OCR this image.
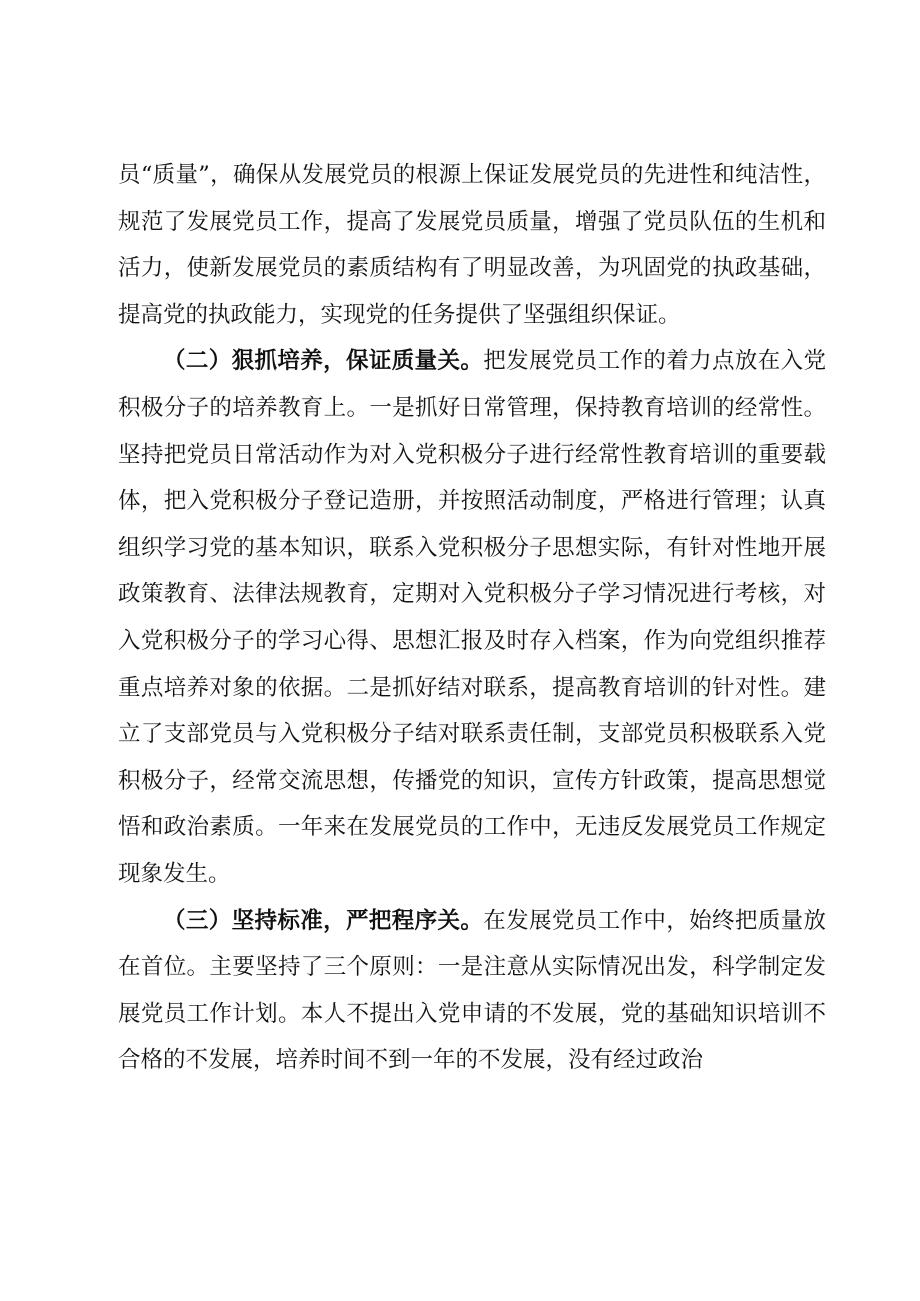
员“质量”，确保从发展党员的根源上保证发展党员的先进性和纯洁性，规范了发展党员工作，提高了发展党员质量，增强了党员队伍的生机和活力，使新发展党员的素质结构有了明显改善，为巩固党的执政基础，提高党的执政能力，实现党的任务提供了坚强组织保证。

（二）狠抓培养，保证质量关。把发展党员工作的着力点放在入党积极分子的培养教育上。一是抓好日常管理，保持教育培训的经常性。坚持把党员日常活动作为对入党积极分子进行经常性教育培训的重要载体，把入党积极分子登记造册，并按照活动制度，严格进行管理；认真组织学习党的基本知识，联系入党积极分子思想实际，有针对性地开展政策教育、法律法规教育，定期对入党积极分子学习情况进行考核，对入党积极分子的学习心得、思想汇报及时存入档案，作为向党组织推荐重点培养对象的依据。二是抓好结对联系，提高教育培训的针对性。建立了支部党员与入党积极分子结对联系责任制，支部党员积极联系入党积极分子，经常交流思想，传播党的知识，宣传方针政策，提高思想觉悟和政治素质。一年来在发展党员的工作中，无违反发展党员工作规定现象发生。

（三）坚持标准，严把程序关。在发展党员工作中，始终把质量放在首位。主要坚持了三个原则：一是注意从实际情况出发，科学制定发展党员工作计划。本人不提出入党申请的不发展，党的基础知识培训不合格的不发展，培养时间不到一年的不发展，没有经过政治
